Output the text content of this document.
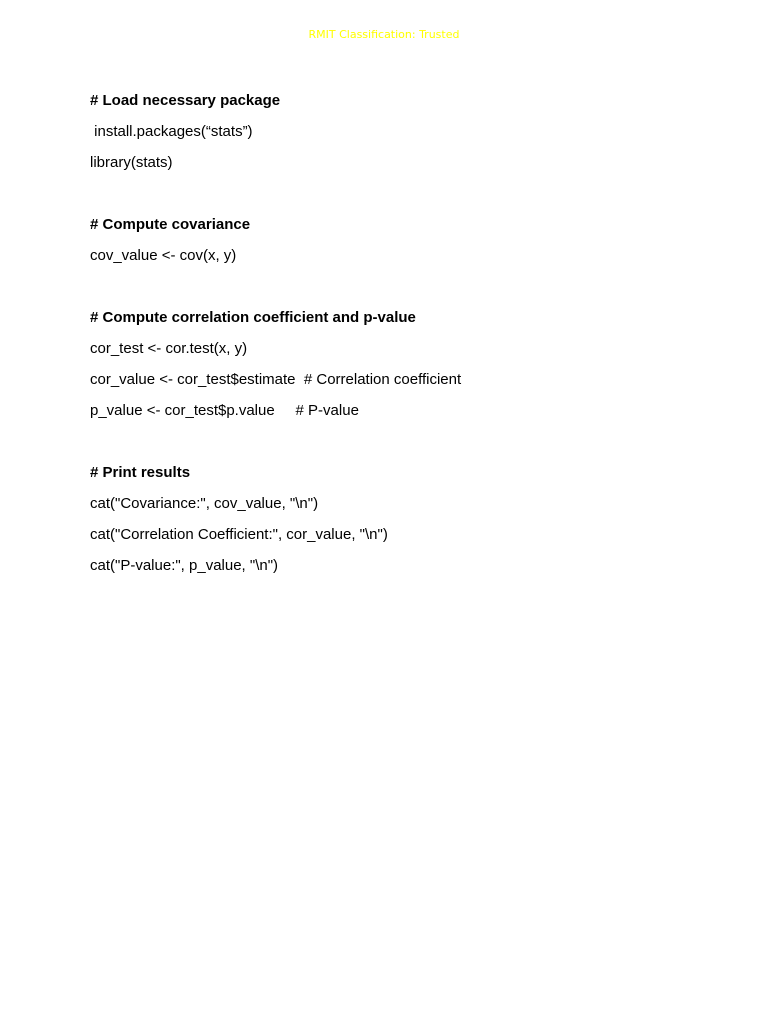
RMIT Classification: Trusted
# Load necessary package
install.packages(“stats”)
library(stats)
# Compute covariance
cov_value <- cov(x, y)
# Compute correlation coefficient and p-value
cor_test <- cor.test(x, y)
cor_value <- cor_test$estimate  # Correlation coefficient
p_value <- cor_test$p.value     # P-value
# Print results
cat("Covariance:", cov_value, "\n")
cat("Correlation Coefficient:", cor_value, "\n")
cat("P-value:", p_value, "\n")
